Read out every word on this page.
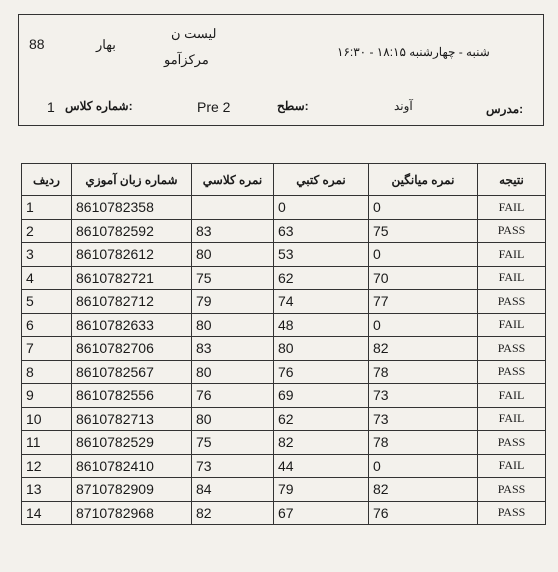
88	بهار
ليست ن
مركزآمو	شنبه - چهارشنبه ۱۸:۱۵ - ۱۶:۳۰
1 شماره كلاس:	Pre 2	سطح:	آوند	مدرس:
رديف	شماره زبان آموزي	نمره كلاسي	نمره كتبي	نمره ميانگين	نتيجه
1	8610782358		0	0	FAIL
2	8610782592	83	63	75	PASS
3	8610782612	80	53	0	FAIL
4	8610782721	75	62	70	FAIL
5	8610782712	79	74	77	PASS
6	8610782633	80	48	0	FAIL
7	8610782706	83	80	82	PASS
8	8610782567	80	76	78	PASS
9	8610782556	76	69	73	FAIL
10	8610782713	80	62	73	FAIL
11	8610782529	75	82	78	PASS
12	8610782410	73	44	0	FAIL
13	8710782909	84	79	82	PASS
14	8710782968	82	67	76	PASS
